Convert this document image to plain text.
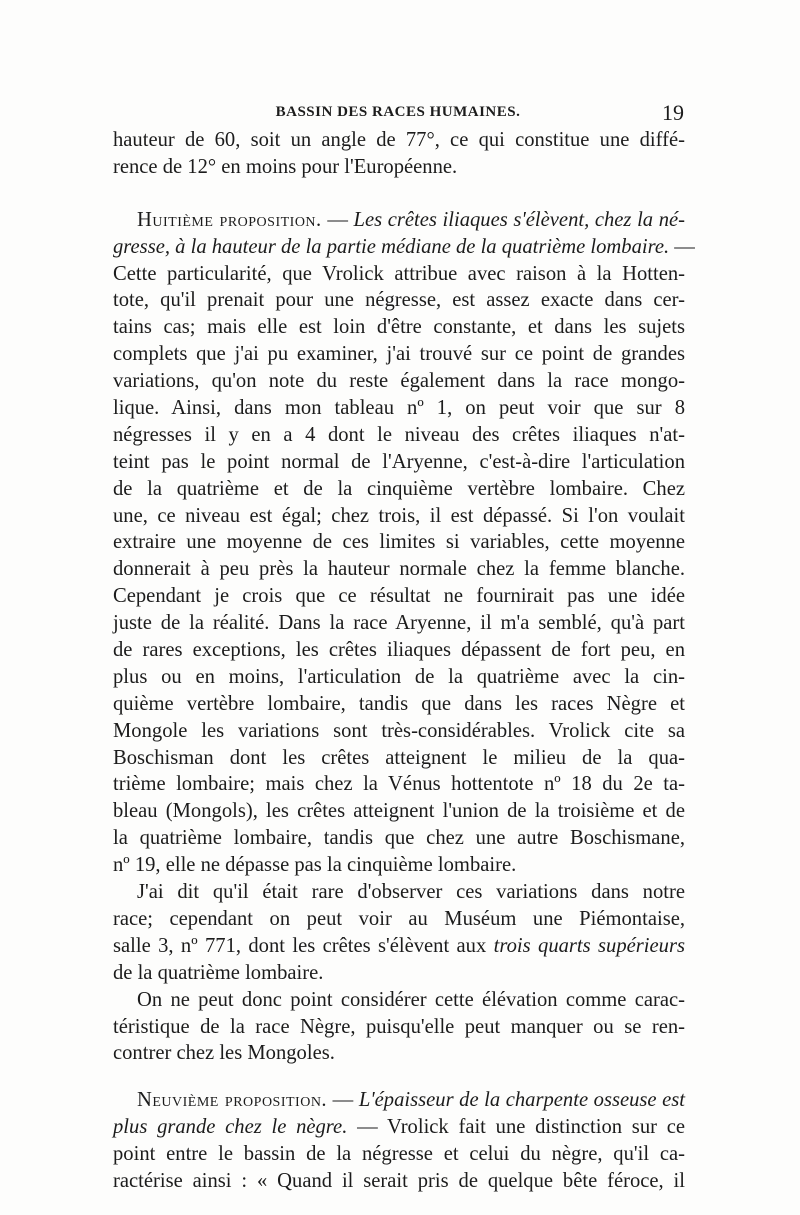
BASSIN DES RACES HUMAINES.	19
hauteur de 60, soit un angle de 77°, ce qui constitue une diffé-
rence de 12° en moins pour l'Européenne.
Huitième proposition. — Les crêtes iliaques s'élèvent, chez la né-
gresse, à la hauteur de la partie médiane de la quatrième lombaire. —
Cette particularité, que Vrolick attribue avec raison à la Hotten-
tote, qu'il prenait pour une négresse, est assez exacte dans cer-
tains cas; mais elle est loin d'être constante, et dans les sujets
complets que j'ai pu examiner, j'ai trouvé sur ce point de grandes
variations, qu'on note du reste également dans la race mongo-
lique. Ainsi, dans mon tableau nº 1, on peut voir que sur 8
négresses il y en a 4 dont le niveau des crêtes iliaques n'at-
teint pas le point normal de l'Aryenne, c'est-à-dire l'articulation
de la quatrième et de la cinquième vertèbre lombaire. Chez
une, ce niveau est égal; chez trois, il est dépassé. Si l'on voulait
extraire une moyenne de ces limites si variables, cette moyenne
donnerait à peu près la hauteur normale chez la femme blanche.
Cependant je crois que ce résultat ne fournirait pas une idée
juste de la réalité. Dans la race Aryenne, il m'a semblé, qu'à part
de rares exceptions, les crêtes iliaques dépassent de fort peu, en
plus ou en moins, l'articulation de la quatrième avec la cin-
quième vertèbre lombaire, tandis que dans les races Nègre et
Mongole les variations sont très-considérables. Vrolick cite sa
Boschisman dont les crêtes atteignent le milieu de la qua-
trième lombaire; mais chez la Vénus hottentote nº 18 du 2e ta-
bleau (Mongols), les crêtes atteignent l'union de la troisième et de
la quatrième lombaire, tandis que chez une autre Boschismane,
nº 19, elle ne dépasse pas la cinquième lombaire.
J'ai dit qu'il était rare d'observer ces variations dans notre
race; cependant on peut voir au Muséum une Piémontaise,
salle 3, nº 771, dont les crêtes s'élèvent aux trois quarts supérieurs
de la quatrième lombaire.
On ne peut donc point considérer cette élévation comme carac-
téristique de la race Nègre, puisqu'elle peut manquer ou se ren-
contrer chez les Mongoles.
Neuvième proposition. — L'épaisseur de la charpente osseuse est
plus grande chez le nègre. — Vrolick fait une distinction sur ce
point entre le bassin de la négresse et celui du nègre, qu'il ca-
ractérise ainsi : « Quand il serait pris de quelque bête féroce, il
